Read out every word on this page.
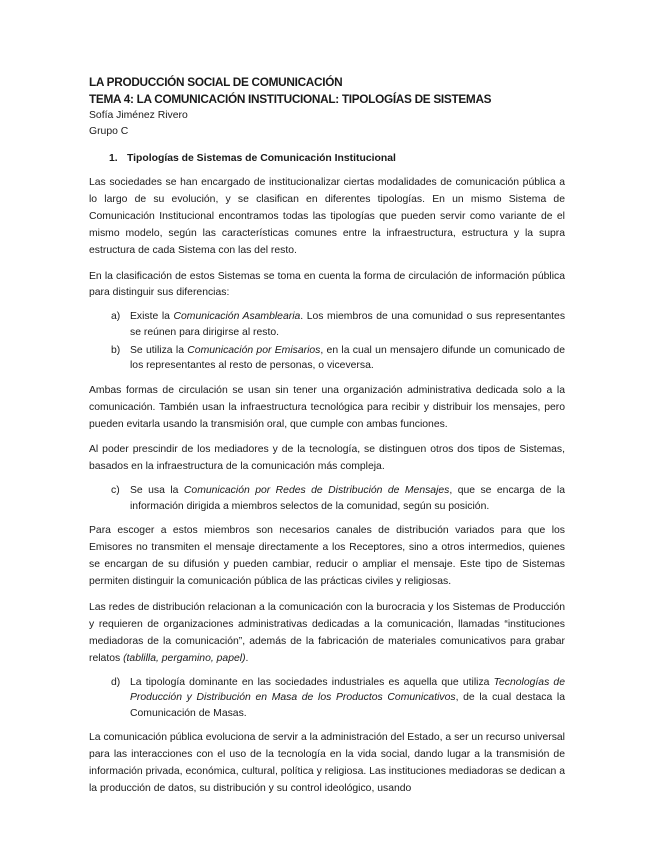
LA PRODUCCIÓN SOCIAL DE COMUNICACIÓN

TEMA 4: LA COMUNICACIÓN INSTITUCIONAL: TIPOLOGÍAS DE SISTEMAS

Sofía Jiménez Rivero

Grupo C

1. Tipologías de Sistemas de Comunicación Institucional

Las sociedades se han encargado de institucionalizar ciertas modalidades de comunicación pública a lo largo de su evolución, y se clasifican en diferentes tipologías. En un mismo Sistema de Comunicación Institucional encontramos todas las tipologías que pueden servir como variante de el mismo modelo, según las características comunes entre la infraestructura, estructura y la supra estructura de cada Sistema con las del resto.

En la clasificación de estos Sistemas se toma en cuenta la forma de circulación de información pública para distinguir sus diferencias:

a) Existe la Comunicación Asamblearia. Los miembros de una comunidad o sus representantes se reúnen para dirigirse al resto.
b) Se utiliza la Comunicación por Emisarios, en la cual un mensajero difunde un comunicado de los representantes al resto de personas, o viceversa.

Ambas formas de circulación se usan sin tener una organización administrativa dedicada solo a la comunicación. También usan la infraestructura tecnológica para recibir y distribuir los mensajes, pero pueden evitarla usando la transmisión oral, que cumple con ambas funciones.

Al poder prescindir de los mediadores y de la tecnología, se distinguen otros dos tipos de Sistemas, basados en la infraestructura de la comunicación más compleja.

c) Se usa la Comunicación por Redes de Distribución de Mensajes, que se encarga de la información dirigida a miembros selectos de la comunidad, según su posición.

Para escoger a estos miembros son necesarios canales de distribución variados para que los Emisores no transmiten el mensaje directamente a los Receptores, sino a otros intermedios, quienes se encargan de su difusión y pueden cambiar, reducir o ampliar el mensaje. Este tipo de Sistemas permiten distinguir la comunicación pública de las prácticas civiles y religiosas.

Las redes de distribución relacionan a la comunicación con la burocracia y los Sistemas de Producción y requieren de organizaciones administrativas dedicadas a la comunicación, llamadas “instituciones mediadoras de la comunicación”, además de la fabricación de materiales comunicativos para grabar relatos (tablilla, pergamino, papel).

d) La tipología dominante en las sociedades industriales es aquella que utiliza Tecnologías de Producción y Distribución en Masa de los Productos Comunicativos, de la cual destaca la Comunicación de Masas.

La comunicación pública evoluciona de servir a la administración del Estado, a ser un recurso universal para las interacciones con el uso de la tecnología en la vida social, dando lugar a la transmisión de información privada, económica, cultural, política y religiosa. Las instituciones mediadoras se dedican a la producción de datos, su distribución y su control ideológico, usando
